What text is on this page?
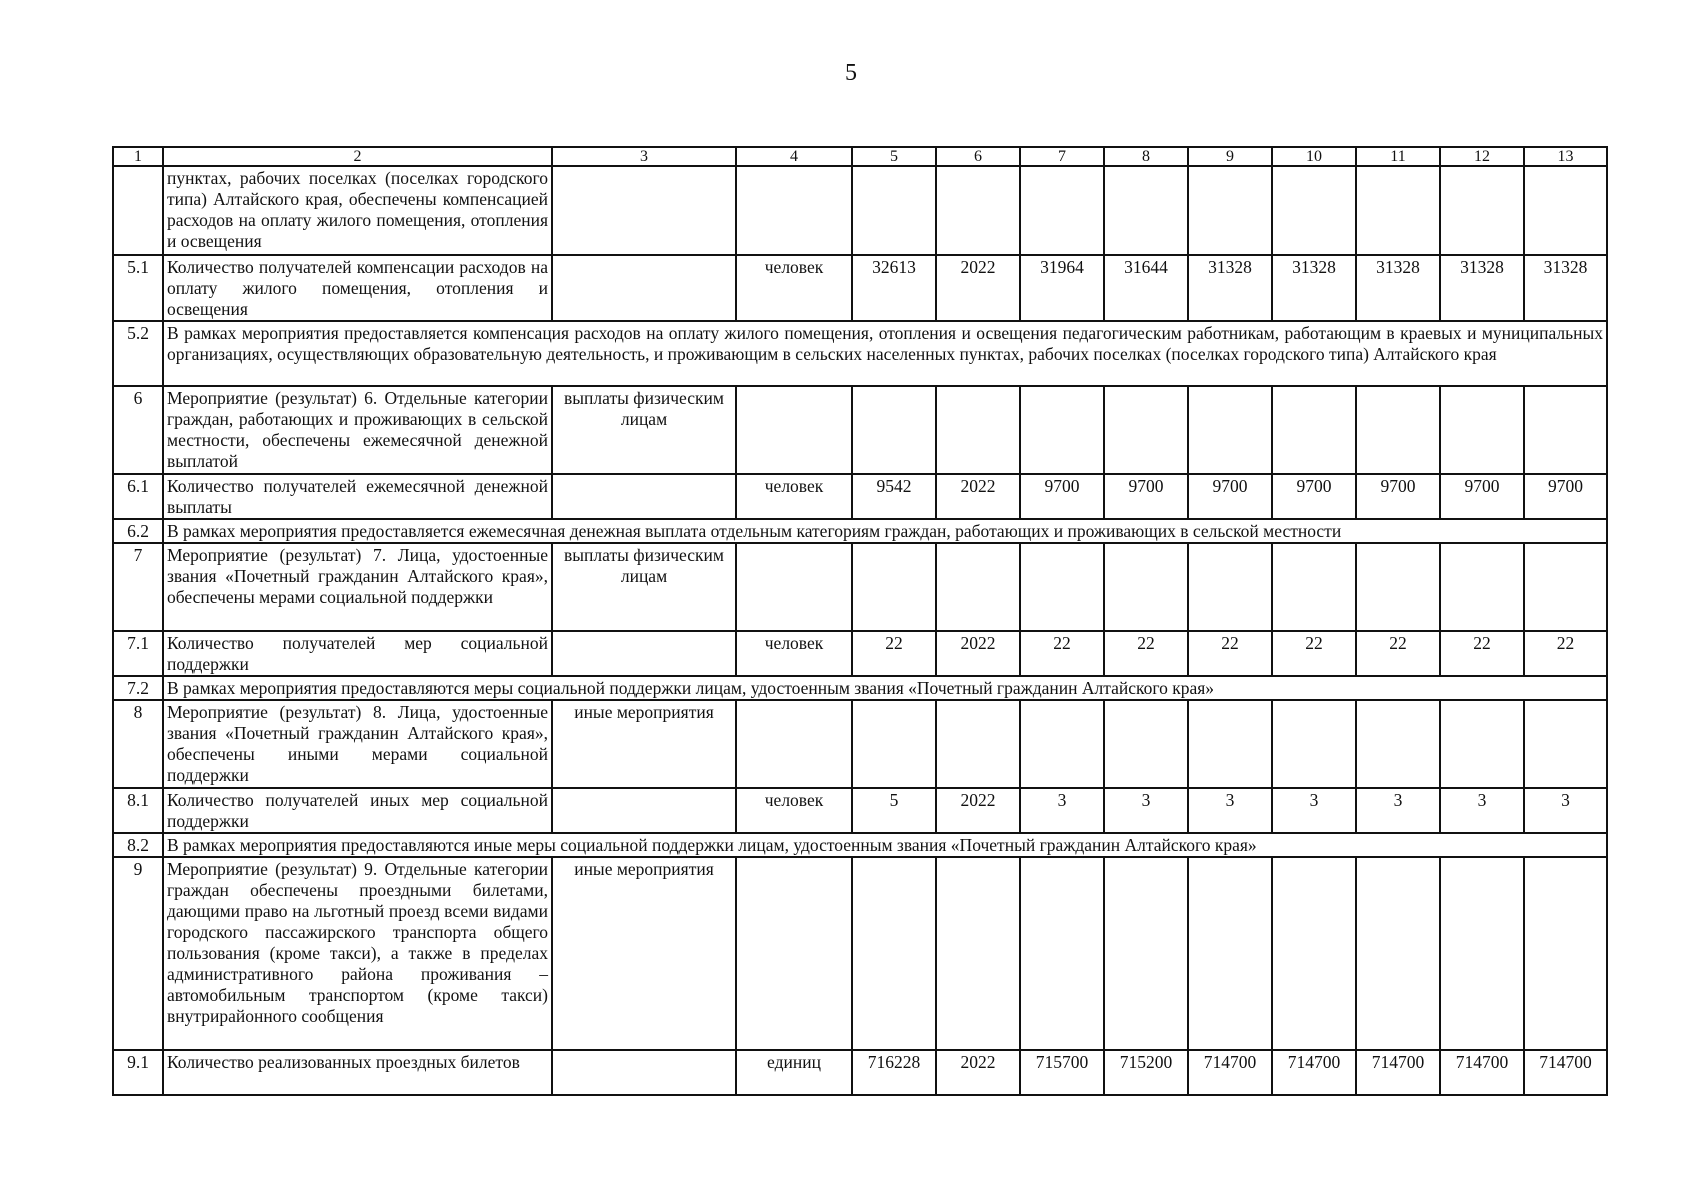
5
1	2	3	4	5	6	7	8	9	10	11	12	13
	пунктах, рабочих поселках (поселках городского типа) Алтайского края, обеспечены компенсацией расходов на оплату жилого помещения, отопления и освещения											
5.1	Количество получателей компенсации расходов на оплату жилого помещения, отопления и освещения		человек	32613	2022	31964	31644	31328	31328	31328	31328	31328
5.2	В рамках мероприятия предоставляется компенсация расходов на оплату жилого помещения, отопления и освещения педагогическим работникам, работающим в краевых и муниципальных организациях, осуществляющих образовательную деятельность, и проживающим в сельских населенных пунктах, рабочих поселках (поселках городского типа) Алтайского края											
6	Мероприятие (результат) 6. Отдельные категории граждан, работающих и проживающих в сельской местности, обеспечены ежемесячной денежной выплатой	выплаты физическим лицам										
6.1	Количество получателей ежемесячной денежной выплаты		человек	9542	2022	9700	9700	9700	9700	9700	9700	9700
6.2	В рамках мероприятия предоставляется ежемесячная денежная выплата отдельным категориям граждан, работающих и проживающих в сельской местности											
7	Мероприятие (результат) 7. Лица, удостоенные звания «Почетный гражданин Алтайского края», обеспечены мерами социальной поддержки	выплаты физическим лицам										
7.1	Количество получателей мер социальной поддержки		человек	22	2022	22	22	22	22	22	22	22
7.2	В рамках мероприятия предоставляются меры социальной поддержки лицам, удостоенным звания «Почетный гражданин Алтайского края»											
8	Мероприятие (результат) 8. Лица, удостоенные звания «Почетный гражданин Алтайского края», обеспечены иными мерами социальной поддержки	иные мероприятия										
8.1	Количество получателей иных мер социальной поддержки		человек	5	2022	3	3	3	3	3	3	3
8.2	В рамках мероприятия предоставляются иные меры социальной поддержки лицам, удостоенным звания «Почетный гражданин Алтайского края»											
9	Мероприятие (результат) 9. Отдельные категории граждан обеспечены проездными билетами, дающими право на льготный проезд всеми видами городского пассажирского транспорта общего пользования (кроме такси), а также в пределах административного района проживания – автомобильным транспортом (кроме такси) внутрирайонного сообщения	иные мероприятия										
9.1	Количество реализованных проездных билетов		единиц	716228	2022	715700	715200	714700	714700	714700	714700	714700
